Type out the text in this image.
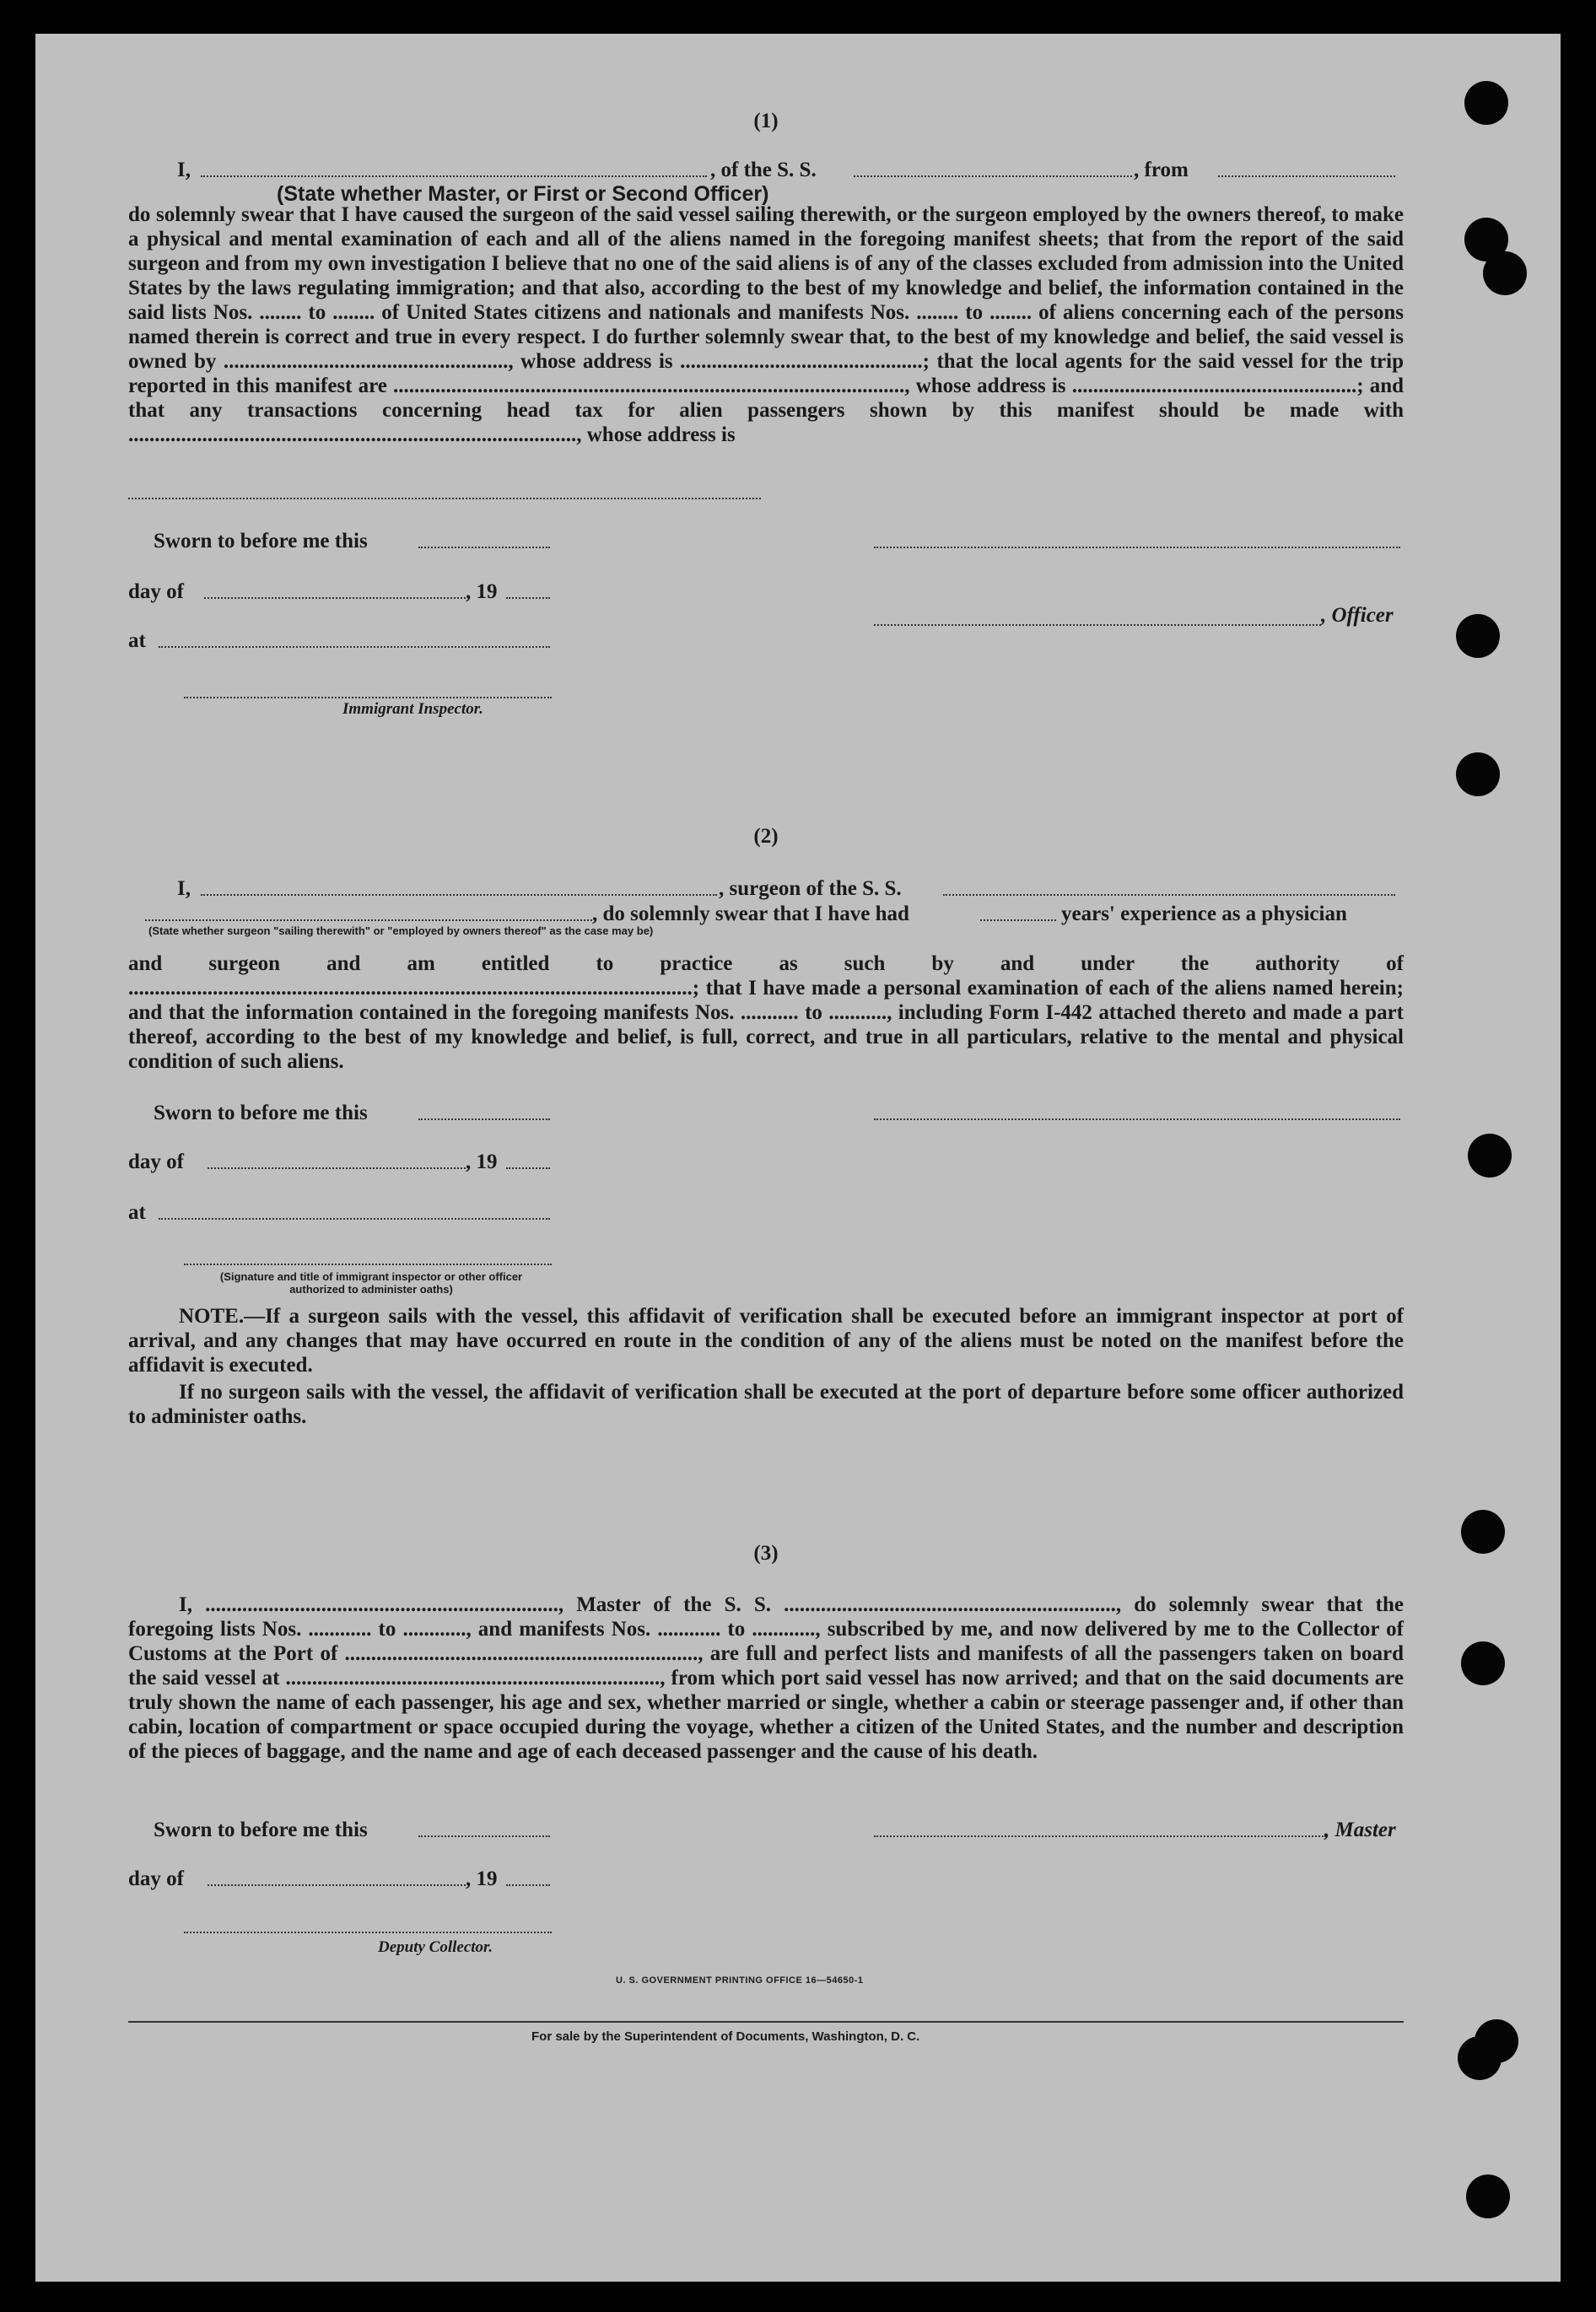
(1)
I,
(State whether Master, or First or Second Officer)
, of the S. S.	, from
do solemnly swear that I have caused the surgeon of the said vessel sailing therewith, or the surgeon employed by the owners thereof, to make a physical and mental examination of each and all of the aliens named in the foregoing manifest sheets; that from the report of the said surgeon and from my own investigation I believe that no one of the said aliens is of any of the classes excluded from admission into the United States by the laws regulating immigration; and that also, according to the best of my knowledge and belief, the information contained in the said lists Nos. ........ to ........ of United States citizens and nationals and manifests Nos. ........ to ........ of aliens concerning each of the persons named therein is correct and true in every respect. I do further solemnly swear that, to the best of my knowledge and belief, the said vessel is owned by ......................................................, whose address is ..............................................; that the local agents for the said vessel for the trip reported in this manifest are ................................................................................................., whose address is ......................................................; and that any transactions concerning head tax for alien passengers shown by this manifest should be made with ....................................................................................., whose address is
Sworn to before me this
day of	, 19
, Officer
at
Immigrant Inspector.
(2)
I,	, surgeon of the S. S.
, do solemnly swear that I have had	years' experience as a physician
(State whether surgeon "sailing therewith" or "employed by owners thereof" as the case may be)
and surgeon and am entitled to practice as such by and under the authority of ...........................................................................................................; that I have made a personal examination of each of the aliens named herein; and that the information contained in the foregoing manifests Nos. ........... to ..........., including Form I-442 attached thereto and made a part thereof, according to the best of my knowledge and belief, is full, correct, and true in all particulars, relative to the mental and physical condition of such aliens.
Sworn to before me this
day of	, 19
at
(Signature and title of immigrant inspector or other officer authorized to administer oaths)
NOTE.—If a surgeon sails with the vessel, this affidavit of verification shall be executed before an immigrant inspector at port of arrival, and any changes that may have occurred en route in the condition of any of the aliens must be noted on the manifest before the affidavit is executed.
If no surgeon sails with the vessel, the affidavit of verification shall be executed at the port of departure before some officer authorized to administer oaths.
(3)
I, ..................................................................., Master of the S. S. ..............................................................., do solemnly swear that the foregoing lists Nos. ............ to ............, and manifests Nos. ............ to ............, subscribed by me, and now delivered by me to the Collector of Customs at the Port of ..................................................................., are full and perfect lists and manifests of all the passengers taken on board the said vessel at ......................................................................., from which port said vessel has now arrived; and that on the said documents are truly shown the name of each passenger, his age and sex, whether married or single, whether a cabin or steerage passenger and, if other than cabin, location of compartment or space occupied during the voyage, whether a citizen of the United States, and the number and description of the pieces of baggage, and the name and age of each deceased passenger and the cause of his death.
Sworn to before me this	, Master
day of	, 19
Deputy Collector.
U. S. GOVERNMENT PRINTING OFFICE 16—54650-1
For sale by the Superintendent of Documents, Washington, D. C.
